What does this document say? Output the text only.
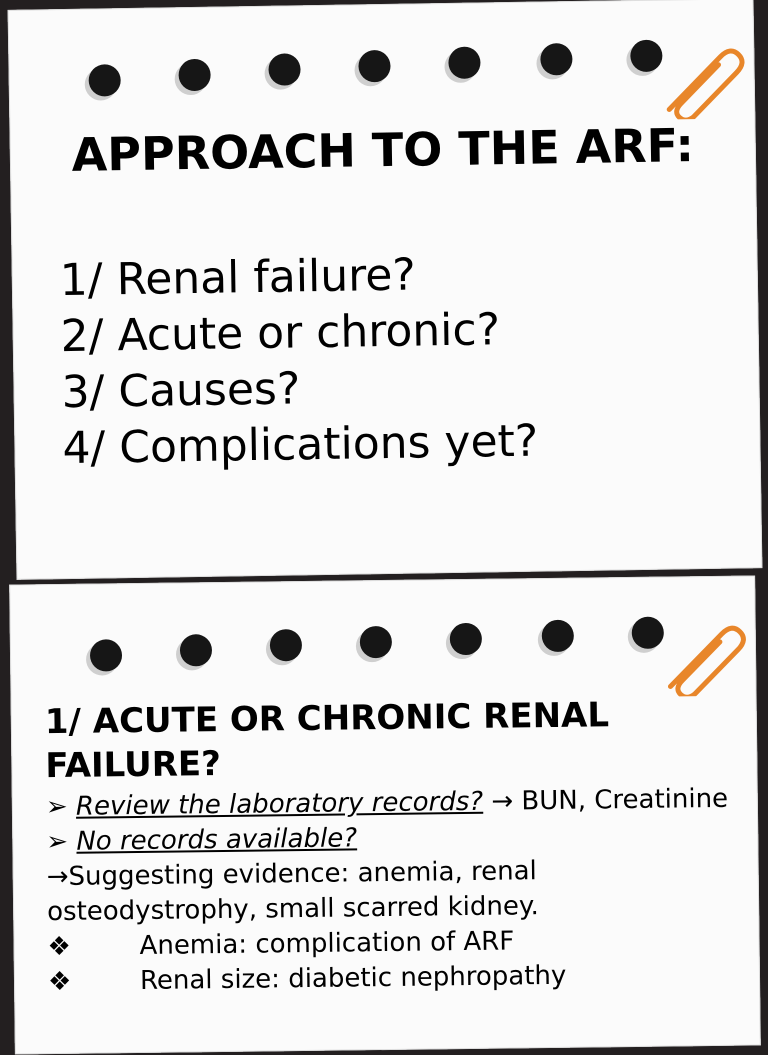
APPROACH TO THE ARF:
1/ Renal failure?
2/ Acute or chronic?
3/ Causes?
4/ Complications yet?
1/ ACUTE OR CHRONIC RENAL FAILURE?
➢ Review the laboratory records? → BUN, Creatinine
➢ No records available?
→Suggesting evidence: anemia, renal osteodystrophy, small scarred kidney.
❖	Anemia: complication of ARF
❖	Renal size: diabetic nephropathy
